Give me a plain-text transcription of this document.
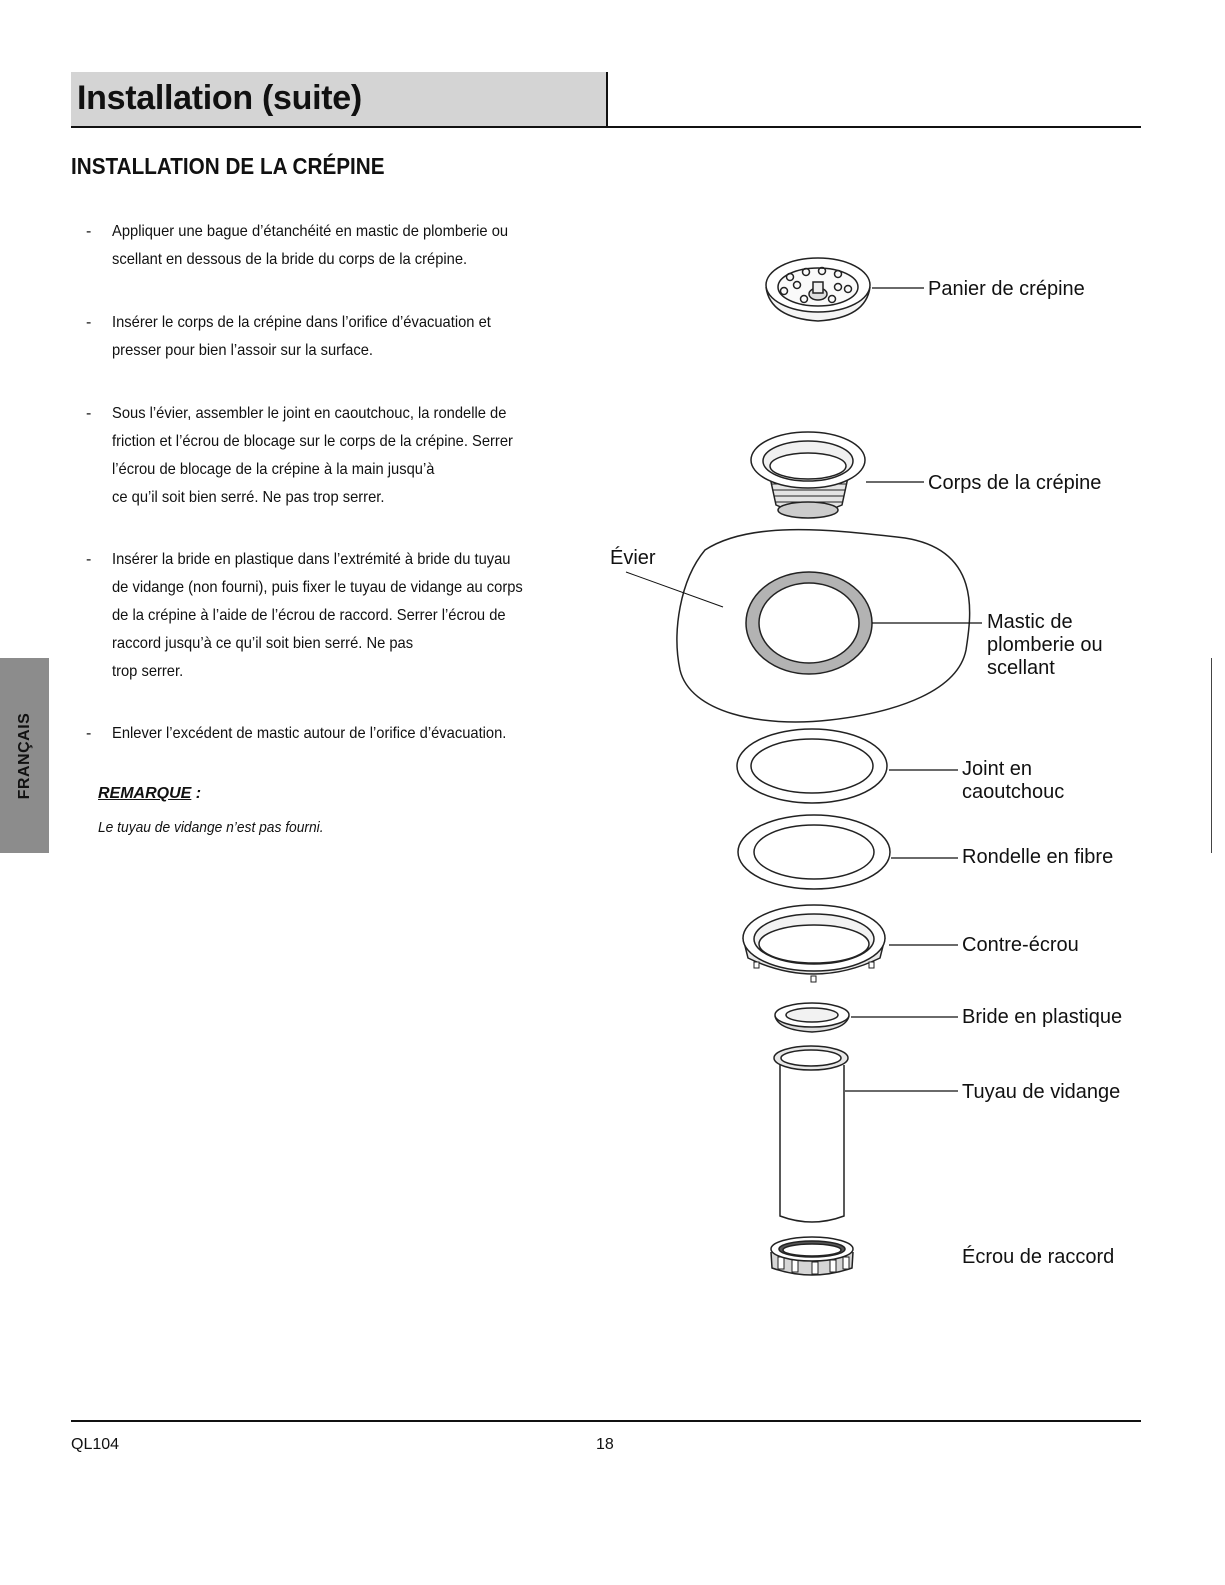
Installation (suite)
INSTALLATION DE LA CRÉPINE
- Appliquer une bague d’étanchéité en mastic de plomberie ou
scellant en dessous de la bride du corps de la crépine.
- Insérer le corps de la crépine dans l’orifice d’évacuation et
presser pour bien l’assoir sur la surface.
- Sous l’évier, assembler le joint en caoutchouc, la rondelle de
friction et l’écrou de blocage sur le corps de la crépine. Serrer
l’écrou de blocage de la crépine à la main jusqu’à
ce qu’il soit bien serré. Ne pas trop serrer.
- Insérer la bride en plastique dans l’extrémité à bride du tuyau
de vidange (non fourni), puis fixer le tuyau de vidange au corps
de la crépine à l’aide de l’écrou de raccord. Serrer l’écrou de
raccord jusqu’à ce qu’il soit bien serré. Ne pas
trop serrer.
- Enlever l’excédent de mastic autour de l’orifice d’évacuation.
REMARQUE :
Le tuyau de vidange n’est pas fourni.
FRANÇAIS
Panier de crépine
Corps de la crépine
Évier
Mastic de
plomberie ou
scellant
Joint en
caoutchouc
Rondelle en fibre
Contre-écrou
Bride en plastique
Tuyau de vidange
Écrou de raccord
QL104	18
